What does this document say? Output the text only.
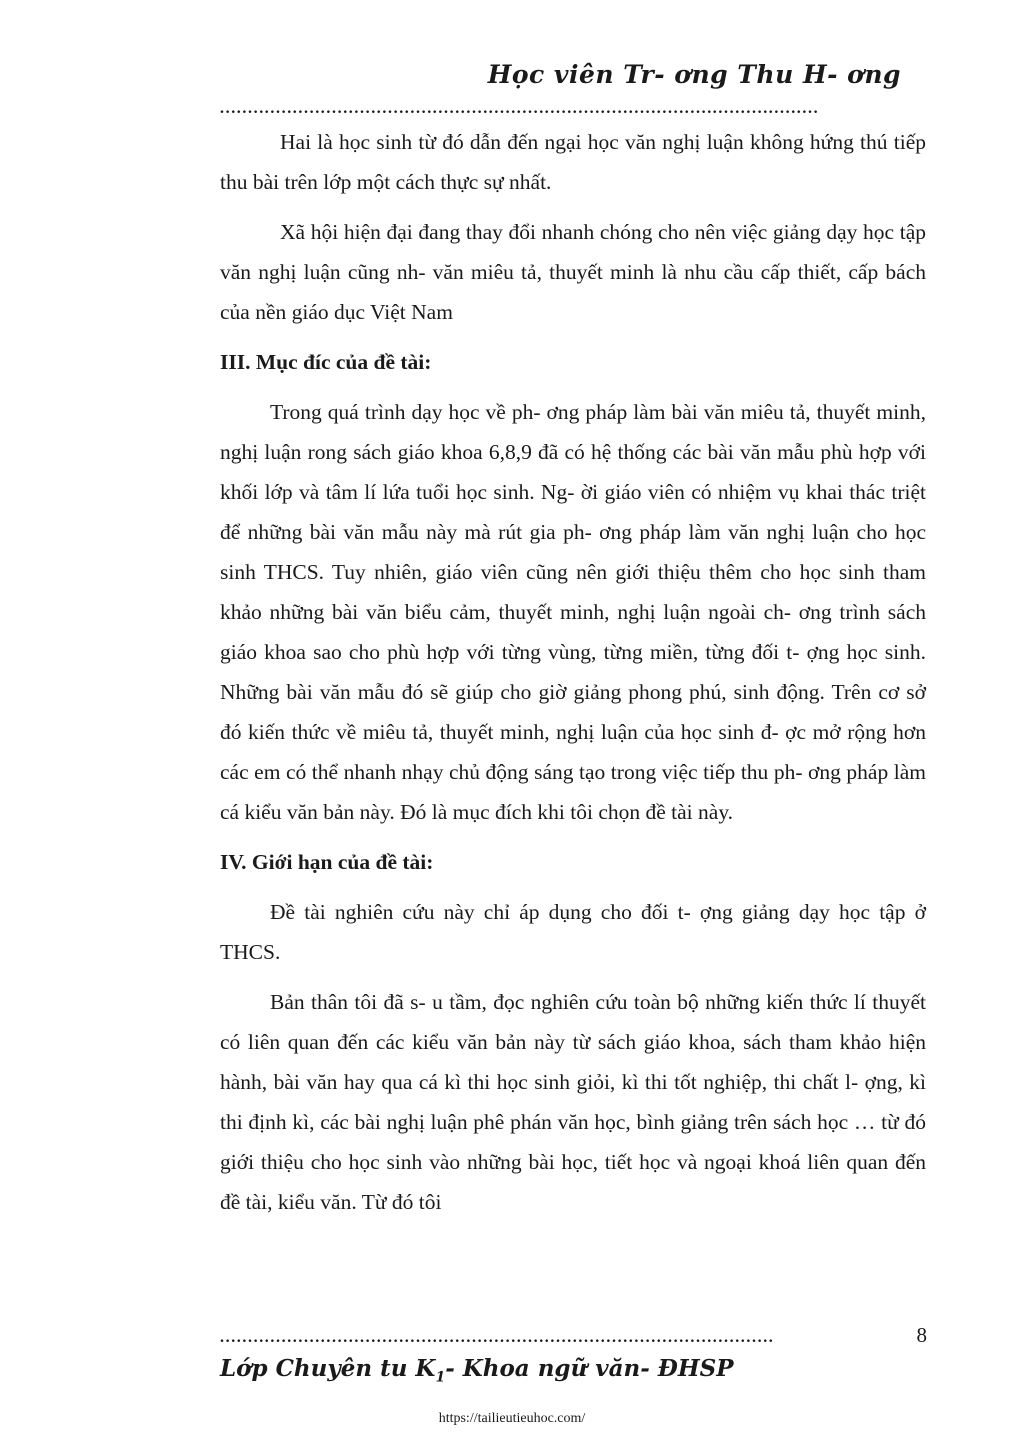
Học viên Tr- ơng Thu H- ơng
...........................................................................................................

Hai là học sinh từ đó dẫn đến ngại học văn nghị luận không hứng thú tiếp thu bài trên lớp một cách thực sự nhất.

Xã hội hiện đại đang thay đổi nhanh chóng cho nên việc giảng dạy học tập văn nghị luận cũng nh- văn miêu tả, thuyết minh là nhu cầu cấp thiết, cấp bách của nền giáo dục Việt Nam

III. Mục đíc của đề tài:

Trong quá trình dạy học về ph- ơng pháp làm bài văn miêu tả, thuyết minh, nghị luận rong sách giáo khoa 6,8,9 đã có hệ thống các bài văn mẫu phù hợp với khối lớp và tâm lí lứa tuổi học sinh. Ng- ời giáo viên có nhiệm vụ khai thác triệt để những bài văn mẫu này mà rút gia ph- ơng pháp làm văn nghị luận cho học sinh THCS. Tuy nhiên, giáo viên cũng nên giới thiệu thêm cho học sinh tham khảo những bài văn biểu cảm, thuyết minh, nghị luận ngoài ch- ơng trình sách giáo khoa sao cho phù hợp với từng vùng, từng miền, từng đối t- ợng học sinh. Những bài văn mẫu đó sẽ giúp cho giờ giảng phong phú, sinh động. Trên cơ sở đó kiến thức về miêu tả, thuyết minh, nghị luận của học sinh đ- ợc mở rộng hơn các em có thể nhanh nhạy chủ động sáng tạo trong việc tiếp thu ph- ơng pháp làm cá kiểu văn bản này. Đó là mục đích khi tôi chọn đề tài này.

IV. Giới hạn của đề tài:

Đề tài nghiên cứu này chỉ áp dụng cho đối t- ợng giảng dạy học tập ở THCS.

Bản thân tôi đã s- u tầm, đọc nghiên cứu toàn bộ những kiến thức lí thuyết có liên quan đến các kiểu văn bản này từ sách giáo khoa, sách tham khảo hiện hành, bài văn hay qua cá kì thi học sinh giỏi, kì thi tốt nghiệp, thi chất l- ợng, kì thi định kì, các bài nghị luận phê phán văn học, bình giảng trên sách học … từ đó giới thiệu cho học sinh vào những bài học, tiết học và ngoại khoá liên quan đến đề tài, kiểu văn. Từ đó tôi

...................................................................................................	8
Lớp Chuyên tu $K_1-$ Khoa ngữ văn- ĐHSP
https://tailieutieuhoc.com/
